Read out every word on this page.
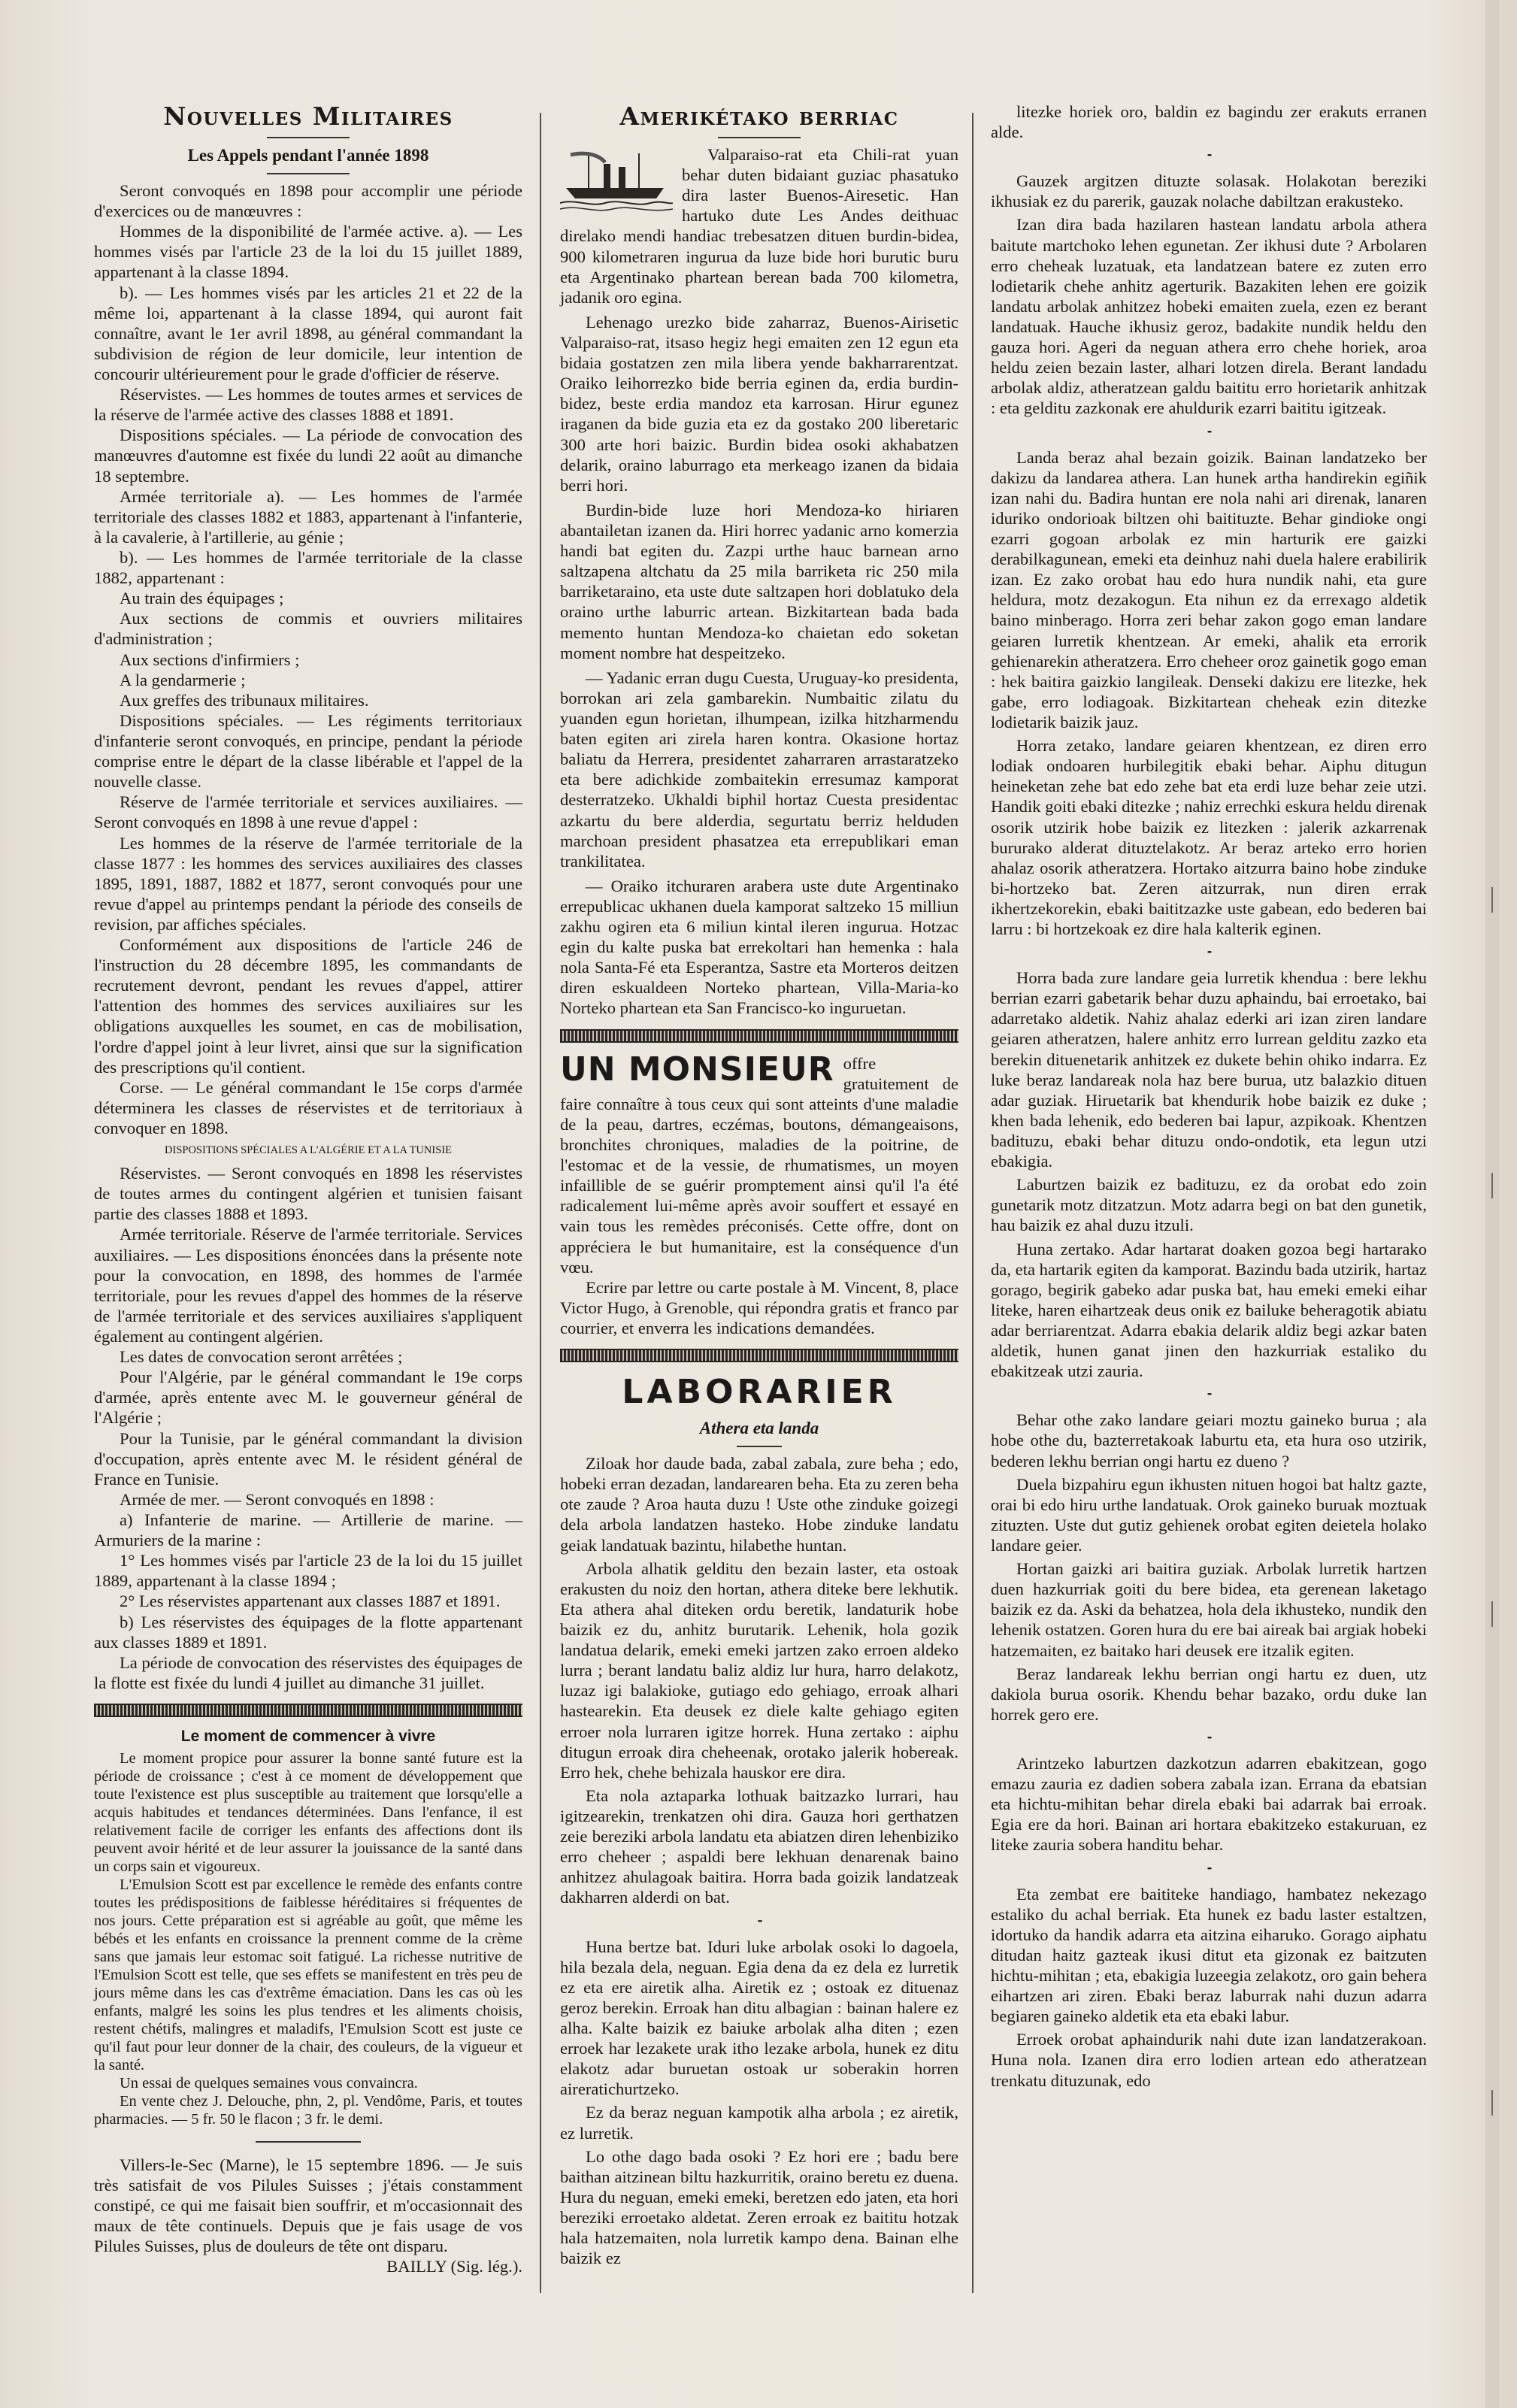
Nouvelles Militaires
Les Appels pendant l'année 1898

Seront convoqués en 1898 pour accomplir une période d'exercices ou de manœuvres :

Hommes de la disponibilité de l'armée active. a). — Les hommes visés par l'article 23 de la loi du 15 juillet 1889, appartenant à la classe 1894.

b). — Les hommes visés par les articles 21 et 22 de la même loi, appartenant à la classe 1894, qui auront fait connaître, avant le 1er avril 1898, au général commandant la subdivision de région de leur domicile, leur intention de concourir ultérieurement pour le grade d'officier de réserve.

Réservistes. — Les hommes de toutes armes et services de la réserve de l'armée active des classes 1888 et 1891.

Dispositions spéciales. — La période de convocation des manœuvres d'automne est fixée du lundi 22 août au dimanche 18 septembre.

Armée territoriale a). — Les hommes de l'armée territoriale des classes 1882 et 1883, appartenant à l'infanterie, à la cavalerie, à l'artillerie, au génie ;

b). — Les hommes de l'armée territoriale de la classe 1882, appartenant :

Au train des équipages ;

Aux sections de commis et ouvriers militaires d'administration ;

Aux sections d'infirmiers ;

A la gendarmerie ;

Aux greffes des tribunaux militaires.

Dispositions spéciales. — Les régiments territoriaux d'infanterie seront convoqués, en principe, pendant la période comprise entre le départ de la classe libérable et l'appel de la nouvelle classe.

Réserve de l'armée territoriale et services auxiliaires. — Seront convoqués en 1898 à une revue d'appel :

Les hommes de la réserve de l'armée territoriale de la classe 1877 : les hommes des services auxiliaires des classes 1895, 1891, 1887, 1882 et 1877, seront convoqués pour une revue d'appel au printemps pendant la période des conseils de revision, par affiches spéciales.

Conformément aux dispositions de l'article 246 de l'instruction du 28 décembre 1895, les commandants de recrutement devront, pendant les revues d'appel, attirer l'attention des hommes des services auxiliaires sur les obligations auxquelles les soumet, en cas de mobilisation, l'ordre d'appel joint à leur livret, ainsi que sur la signification des prescriptions qu'il contient.

Corse. — Le général commandant le 15e corps d'armée déterminera les classes de réservistes et de territoriaux à convoquer en 1898.

DISPOSITIONS SPÉCIALES A L'ALGÉRIE ET A LA TUNISIE

Réservistes. — Seront convoqués en 1898 les réservistes de toutes armes du contingent algérien et tunisien faisant partie des classes 1888 et 1893.

Armée territoriale. Réserve de l'armée territoriale. Services auxiliaires. — Les dispositions énoncées dans la présente note pour la convocation, en 1898, des hommes de l'armée territoriale, pour les revues d'appel des hommes de la réserve de l'armée territoriale et des services auxiliaires s'appliquent également au contingent algérien.

Les dates de convocation seront arrêtées ;

Pour l'Algérie, par le général commandant le 19e corps d'armée, après entente avec M. le gouverneur général de l'Algérie ;

Pour la Tunisie, par le général commandant la division d'occupation, après entente avec M. le résident général de France en Tunisie.

Armée de mer. — Seront convoqués en 1898 :

a) Infanterie de marine. — Artillerie de marine. — Armuriers de la marine :

1° Les hommes visés par l'article 23 de la loi du 15 juillet 1889, appartenant à la classe 1894 ;

2° Les réservistes appartenant aux classes 1887 et 1891.

b) Les réservistes des équipages de la flotte appartenant aux classes 1889 et 1891.

La période de convocation des réservistes des équipages de la flotte est fixée du lundi 4 juillet au dimanche 31 juillet.

Le moment de commencer à vivre

Le moment propice pour assurer la bonne santé future est la période de croissance ; c'est à ce moment de développement que toute l'existence est plus susceptible au traitement que lorsqu'elle a acquis habitudes et tendances déterminées. Dans l'enfance, il est relativement facile de corriger les enfants des affections dont ils peuvent avoir hérité et de leur assurer la jouissance de la santé dans un corps sain et vigoureux.

L'Emulsion Scott est par excellence le remède des enfants contre toutes les prédispositions de faiblesse héréditaires si fréquentes de nos jours. Cette préparation est si agréable au goût, que même les bébés et les enfants en croissance la prennent comme de la crème sans que jamais leur estomac soit fatigué. La richesse nutritive de l'Emulsion Scott est telle, que ses effets se manifestent en très peu de jours même dans les cas d'extrême émaciation. Dans les cas où les enfants, malgré les soins les plus tendres et les aliments choisis, restent chétifs, malingres et maladifs, l'Emulsion Scott est juste ce qu'il faut pour leur donner de la chair, des couleurs, de la vigueur et la santé.

Un essai de quelques semaines vous convaincra.

En vente chez J. Delouche, phn, 2, pl. Vendôme, Paris, et toutes pharmacies. — 5 fr. 50 le flacon ; 3 fr. le demi.

Villers-le-Sec (Marne), le 15 septembre 1896. — Je suis très satisfait de vos Pilules Suisses ; j'étais constamment constipé, ce qui me faisait bien souffrir, et m'occasionnait des maux de tête continuels. Depuis que je fais usage de vos Pilules Suisses, plus de douleurs de tête ont disparu.

BAILLY (Sig. lég.).

Amerikétako berriac

Valparaiso-rat eta Chili-rat yuan behar duten bidaiant guziac phasatuko dira laster Buenos-Airesetic. Han hartuko dute Les Andes deithuac direlako mendi handiac trebesatzen dituen burdin-bidea, 900 kilometraren ingurua da luze bide hori burutic buru eta Argentinako phartean berean bada 700 kilometra, jadanik oro egina.

Lehenago urezko bide zaharraz, Buenos-Airisetic Valparaiso-rat, itsaso hegiz hegi emaiten zen 12 egun eta bidaia gostatzen zen mila libera yende bakharrarentzat. Oraiko leihorrezko bide berria eginen da, erdia burdin-bidez, beste erdia mandoz eta karrosan. Hirur egunez iraganen da bide guzia eta ez da gostako 200 liberetaric 300 arte hori baizic. Burdin bidea osoki akhabatzen delarik, oraino laburrago eta merkeago izanen da bidaia berri hori.

Burdin-bide luze hori Mendoza-ko hiriaren abantailetan izanen da. Hiri horrec yadanic arno komerzia handi bat egiten du. Zazpi urthe hauc barnean arno saltzapena altchatu da 25 mila barriketa ric 250 mila barriketaraino, eta uste dute saltzapen hori doblatuko dela oraino urthe laburric artean. Bizkitartean bada bada memento huntan Mendoza-ko chaietan edo soketan moment nombre hat despeitzeko.

— Yadanic erran dugu Cuesta, Uruguay-ko presidenta, borrokan ari zela gambarekin. Numbaitic zilatu du yuanden egun horietan, ilhumpean, izilka hitzharmendu baten egiten ari zirela haren kontra. Okasione hortaz baliatu da Herrera, presidentet zaharraren arrastaratzeko eta bere adichkide zombaitekin erresumaz kamporat desterratzeko. Ukhaldi biphil hortaz Cuesta presidentac azkartu du bere alderdia, segurtatu berriz helduden marchoan president phasatzea eta errepublikari eman trankilitatea.

— Oraiko itchuraren arabera uste dute Argentinako errepublicac ukhanen duela kamporat saltzeko 15 milliun zakhu ogiren eta 6 miliun kintal ileren ingurua. Hotzac egin du kalte puska bat errekoltari han hemenka : hala nola Santa-Fé eta Esperantza, Sastre eta Morteros deitzen diren eskualdeen Norteko phartean, Villa-Maria-ko Norteko phartean eta San Francisco-ko inguruetan.

UN MONSIEUR offre gratuitement de faire connaître à tous ceux qui sont atteints d'une maladie de la peau, dartres, eczémas, boutons, démangeaisons, bronchites chroniques, maladies de la poitrine, de l'estomac et de la vessie, de rhumatismes, un moyen infaillible de se guérir promptement ainsi qu'il l'a été radicalement lui-même après avoir souffert et essayé en vain tous les remèdes préconisés. Cette offre, dont on appréciera le but humanitaire, est la conséquence d'un vœu.

Ecrire par lettre ou carte postale à M. Vincent, 8, place Victor Hugo, à Grenoble, qui répondra gratis et franco par courrier, et enverra les indications demandées.

LABORARIER
Athera eta landa

Ziloak hor daude bada, zabal zabala, zure beha ; edo, hobeki erran dezadan, landarearen beha. Eta zu zeren beha ote zaude ? Aroa hauta duzu ! Uste othe zinduke goizegi dela arbola landatzen hasteko. Hobe zinduke landatu geiak landatuak bazintu, hilabethe huntan.

Arbola alhatik gelditu den bezain laster, eta ostoak erakusten du noiz den hortan, athera diteke bere lekhutik. Eta athera ahal diteken ordu beretik, landaturik hobe baizik ez du, anhitz burutarik. Lehenik, hola gozik landatua delarik, emeki emeki jartzen zako erroen aldeko lurra ; berant landatu baliz aldiz lur hura, harro delakotz, luzaz igi balakioke, gutiago edo gehiago, erroak alhari hastearekin. Eta deusek ez diele kalte gehiago egiten erroer nola lurraren igitze horrek. Huna zertako : aiphu ditugun erroak dira cheheenak, orotako jalerik hobereak. Erro hek, chehe behizala hauskor ere dira.

Eta nola aztaparka lothuak baitzazko lurrari, hau igitzearekin, trenkatzen ohi dira. Gauza hori gerthatzen zeie bereziki arbola landatu eta abiatzen diren lehenbiziko erro cheheer ; aspaldi bere lekhuan denarenak baino anhitzez ahulagoak baitira. Horra bada goizik landatzeak dakharren alderdi on bat.

•••

Huna bertze bat. Iduri luke arbolak osoki lo dagoela, hila bezala dela, neguan. Egia dena da ez dela ez lurretik ez eta ere airetik alha. Airetik ez ; ostoak ez dituenaz geroz berekin. Erroak han ditu albagian : bainan halere ez alha. Kalte baizik ez baiuke arbolak alha diten ; ezen erroek har lezakete urak itho lezake arbola, hunek ez ditu elakotz adar buruetan ostoak ur soberakin horren aireratichurtzeko.

Ez da beraz neguan kampotik alha arbola ; ez airetik, ez lurretik.

Lo othe dago bada osoki ? Ez hori ere ; badu bere baithan aitzinean biltu hazkurritik, oraino beretu ez duena. Hura du neguan, emeki emeki, beretzen edo jaten, eta hori bereziki erroetako aldetat. Zeren erroak ez baititu hotzak hala hatzemaiten, nola lurretik kampo dena. Bainan elhe baizik ez

litezke horiek oro, baldin ez bagindu zer erakuts erranen alde.

•••

Gauzek argitzen dituzte solasak. Holakotan bereziki ikhusiak ez du parerik, gauzak nolache dabiltzan erakusteko.

Izan dira bada hazilaren hastean landatu arbola athera baitute martchoko lehen egunetan. Zer ikhusi dute ? Arbolaren erro cheheak luzatuak, eta landatzean batere ez zuten erro lodietarik chehe anhitz agerturik. Bazakiten lehen ere goizik landatu arbolak anhitzez hobeki emaiten zuela, ezen ez berant landatuak. Hauche ikhusiz geroz, badakite nundik heldu den gauza hori. Ageri da neguan athera erro chehe horiek, aroa heldu zeien bezain laster, alhari lotzen direla. Berant landadu arbolak aldiz, atheratzean galdu baititu erro horietarik anhitzak : eta gelditu zazkonak ere ahuldurik ezarri baititu igitzeak.

•••

Landa beraz ahal bezain goizik. Bainan landatzeko ber dakizu da landarea athera. Lan hunek artha handirekin egiñik izan nahi du. Badira huntan ere nola nahi ari direnak, lanaren iduriko ondorioak biltzen ohi baitituzte. Behar gindioke ongi ezarri gogoan arbolak ez min harturik ere gaizki derabilkagunean, emeki eta deinhuz nahi duela halere erabilirik izan. Ez zako orobat hau edo hura nundik nahi, eta gure heldura, motz dezakogun. Eta nihun ez da errexago aldetik baino minberago. Horra zeri behar zakon gogo eman landare geiaren lurretik khentzean. Ar emeki, ahalik eta errorik gehienarekin atheratzera. Erro cheheer oroz gainetik gogo eman : hek baitira gaizkio langileak. Denseki dakizu ere litezke, hek gabe, erro lodiagoak. Bizkitartean cheheak ezin ditezke lodietarik baizik jauz.

Horra zetako, landare geiaren khentzean, ez diren erro lodiak ondoaren hurbilegitik ebaki behar. Aiphu ditugun heineketan zehe bat edo zehe bat eta erdi luze behar zeie utzi. Handik goiti ebaki ditezke ; nahiz errechki eskura heldu direnak osorik utzirik hobe baizik ez litezken : jalerik azkarrenak bururako alderat dituztelakotz. Ar beraz arteko erro horien ahalaz osorik atheratzera. Hortako aitzurra baino hobe zinduke bi-hortzeko bat. Zeren aitzurrak, nun diren errak ikhertzekorekin, ebaki baititzazke uste gabean, edo bederen bai larru : bi hortzekoak ez dire hala kalterik eginen.

•••

Horra bada zure landare geia lurretik khendua : bere lekhu berrian ezarri gabetarik behar duzu aphaindu, bai erroetako, bai adarretako aldetik. Nahiz ahalaz ederki ari izan ziren landare geiaren atheratzen, halere anhitz erro lurrean gelditu zazko eta berekin dituenetarik anhitzek ez dukete behin ohiko indarra. Ez luke beraz landareak nola haz bere burua, utz balazkio dituen adar guziak. Hiruetarik bat khendurik hobe baizik ez duke ; khen bada lehenik, edo bederen bai lapur, azpikoak. Khentzen badituzu, ebaki behar dituzu ondo-ondotik, eta legun utzi ebakigia.

Laburtzen baizik ez badituzu, ez da orobat edo zoin gunetarik motz ditzatzun. Motz adarra begi on bat den gunetik, hau baizik ez ahal duzu itzuli.

Huna zertako. Adar hartarat doaken gozoa begi hartarako da, eta hartarik egiten da kamporat. Bazindu bada utzirik, hartaz gorago, begirik gabeko adar puska bat, hau emeki emeki eihar litekе, haren eihartzeak deus onik ez bailuke beheragotik abiatu adar berriarentzat. Adarra ebakia delarik aldiz begi azkar baten aldetik, hunen ganat jinen den hazkurriak estaliko du ebakitzeak utzi zauria.

•••

Behar othe zako landare geiari moztu gaineko burua ; ala hobe othe du, bazterretakoak laburtu eta, eta hura oso utzirik, bederen lekhu berrian ongi hartu ez dueno ?

Duela bizpahiru egun ikhusten nituen hogoi bat haltz gazte, orai bi edo hiru urthe landatuak. Orok gaineko buruak moztuak zituzten. Uste dut gutiz gehienek orobat egiten deietela holako landare geier.

Hortan gaizki ari baitira guziak. Arbolak lurretik hartzen duen hazkurriak goiti du bere bidea, eta gerenean laketago baizik ez da. Aski da behatzea, hola dela ikhusteko, nundik den lehenik ostatzen. Goren hura du ere bai aireak bai argiak hobeki hatzemaiten, ez baitako hari deusek ere itzalik egiten.

Beraz landareak lekhu berrian ongi hartu ez duen, utz dakiola burua osorik. Khendu behar bazako, ordu duke lan horrek gero ere.

•••

Arintzeko laburtzen dazkotzun adarren ebakitzean, gogo emazu zauria ez dadien sobera zabala izan. Errana da ebatsian eta hichtu-mihitan behar direla ebaki bai adarrak bai erroak. Egia ere da hori. Bainan ari hortara ebakitzeko estakuruan, ez liteke zauria sobera handitu behar.

•••

Eta zembat ere baititeke handiago, hambatez nekezago estaliko du achal berriak. Eta hunek ez badu laster estaltzen, idortuko da handik adarra eta aitzina eiharuko. Gorago aiphatu ditudan haitz gazteak ikusi ditut eta gizonak ez baitzuten hichtu-mihitan ; eta, ebakigia luzeegia zelakotz, oro gain behera eihartzen ari ziren. Ebaki beraz laburrak nahi duzun adarra begiaren gaineko aldetik eta eta ebaki labur.

Erroek orobat aphaindurik nahi dute izan landatzerakoan. Huna nola. Izanen dira erro lodien artean edo atheratzean trenkatu dituzunak, edo
